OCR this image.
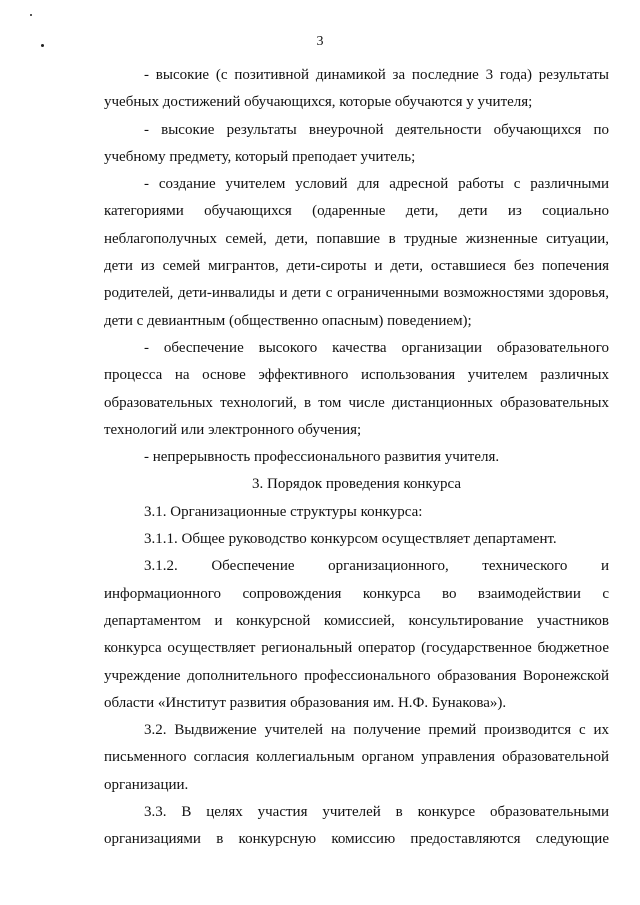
3
- высокие (с позитивной динамикой за последние 3 года) результаты
учебных достижений обучающихся, которые обучаются у учителя;
- высокие результаты внеурочной деятельности обучающихся по
учебному предмету, который преподает учитель;
- создание учителем условий для адресной работы с различными
категориями обучающихся (одаренные дети, дети из социально
неблагополучных семей, дети, попавшие в трудные жизненные ситуации,
дети из семей мигрантов, дети-сироты и дети, оставшиеся без попечения
родителей, дети-инвалиды и дети с ограниченными возможностями здоровья,
дети с девиантным (общественно опасным) поведением);
- обеспечение высокого качества организации образовательного
процесса на основе эффективного использования учителем различных
образовательных технологий, в том числе дистанционных образовательных
технологий или электронного обучения;
- непрерывность профессионального развития учителя.
3. Порядок проведения конкурса
3.1. Организационные структуры конкурса:
3.1.1. Общее руководство конкурсом осуществляет департамент.
3.1.2. Обеспечение организационного, технического и
информационного сопровождения конкурса во взаимодействии с
департаментом и конкурсной комиссией, консультирование участников
конкурса осуществляет региональный оператор (государственное бюджетное
учреждение дополнительного профессионального образования Воронежской
области «Институт развития образования им. Н.Ф. Бунакова»).
3.2. Выдвижение учителей на получение премий производится с их
письменного согласия коллегиальным органом управления образовательной
организации.
3.3. В целях участия учителей в конкурсе образовательными
организациями в конкурсную комиссию предоставляются следующие
